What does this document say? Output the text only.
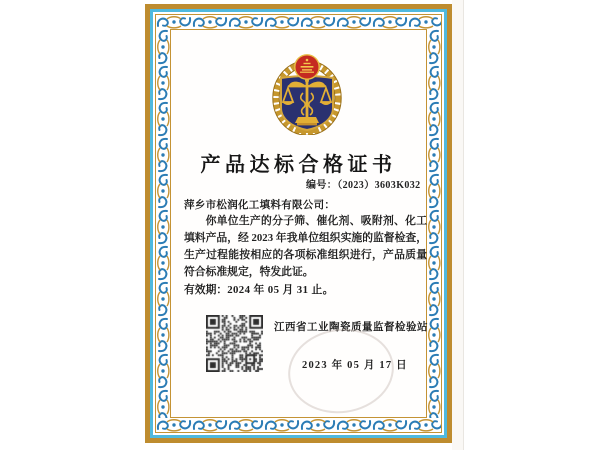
产品达标合格证书
编号：（2023）3603K032
萍乡市松润化工填料有限公司：
你单位生产的分子筛、催化剂、吸附剂、化工填料产品，经 2023 年我单位组织实施的监督检查，生产过程能按相应的各项标准组织进行，产品质量符合标准规定，特发此证。
有效期：2024 年 05 月 31 止。
江西省工业陶瓷质量监督检验站
2023 年 05 月 17 日
